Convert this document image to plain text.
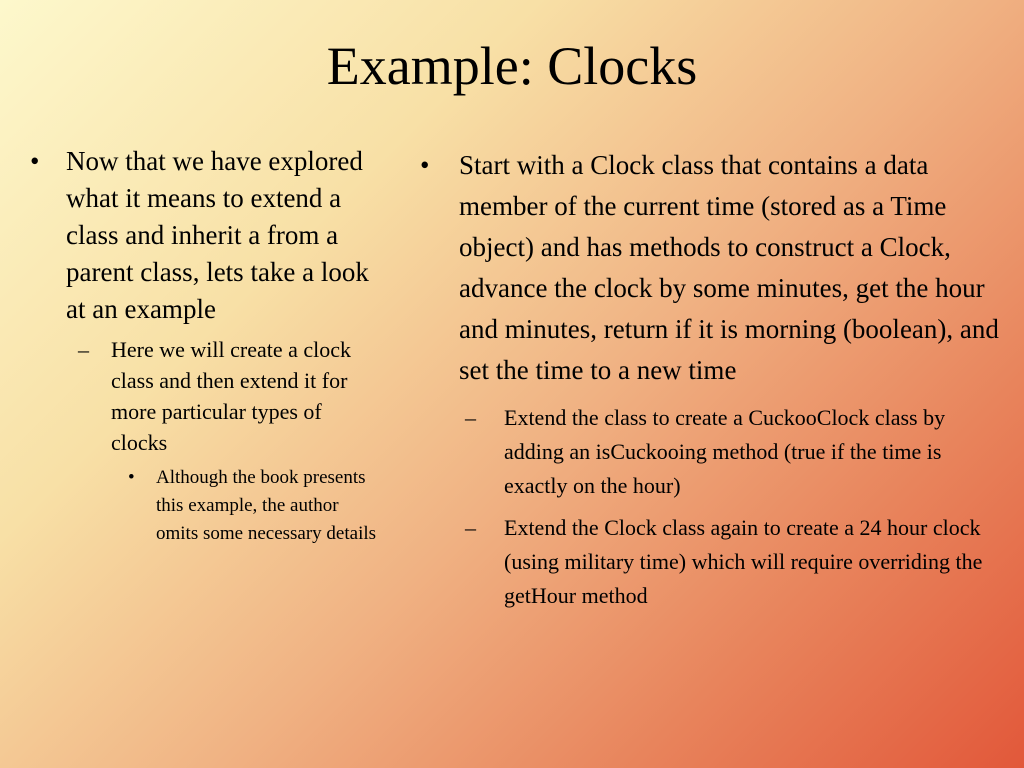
Example: Clocks
• Now that we have explored what it means to extend a class and inherit a from a parent class, lets take a look at an example
–	Here we will create a clock class and then extend it for more particular types of clocks
•	Although the book presents this example, the author omits some necessary details
•	Start with a Clock class that contains a data member of the current time (stored as a Time object) and has methods to construct a Clock, advance the clock by some minutes, get the hour and minutes, return if it is morning (boolean), and set the time to a new time
–	Extend the class to create a CuckooClock class by adding an isCuckooing method (true if the time is exactly on the hour)
–	Extend the Clock class again to create a 24 hour clock (using military time) which will require overriding the getHour method
